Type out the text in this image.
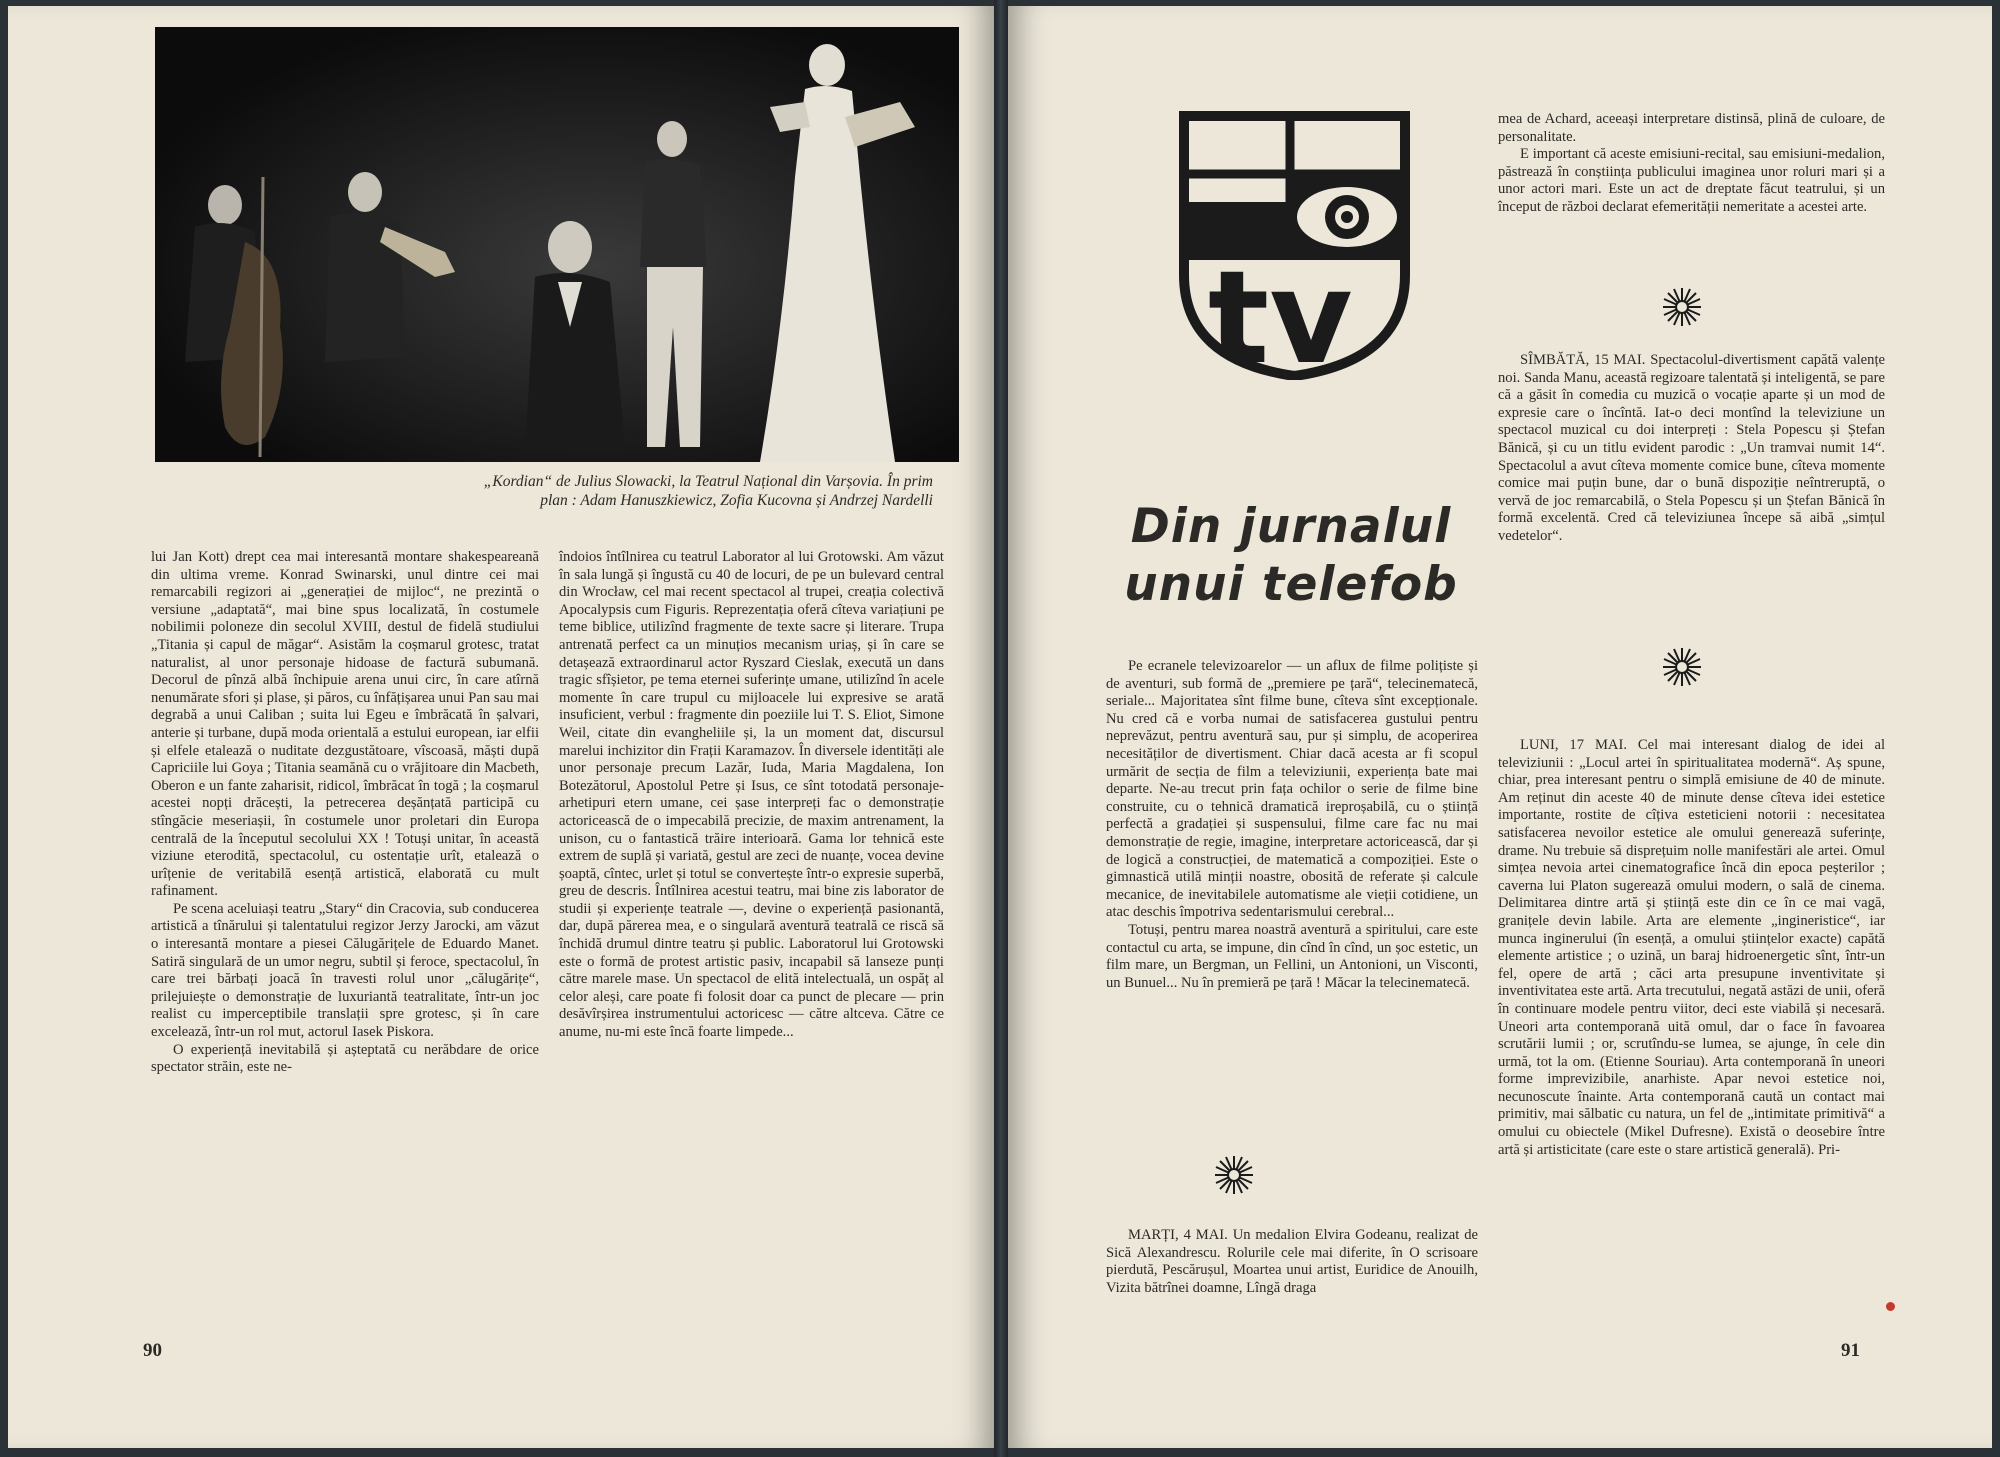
„Kordian“ de Julius Slowacki, la Teatrul Național din Varșovia. În prim
plan : Adam Hanuszkiewicz, Zofia Kucovna și Andrzej Nardelli

lui Jan Kott) drept cea mai interesantă montare shakespeareană din ultima vreme. Konrad Swinarski, unul dintre cei mai remarcabili regizori ai „generației de mijloc“, ne prezintă o versiune „adaptată“, mai bine spus localizată, în costumele nobilimii poloneze din secolul XVIII, destul de fidelă studiului „Titania și capul de măgar“. Asistăm la coșmarul grotesc, tratat naturalist, al unor personaje hidoase de factură subumană. Decorul de pînză albă închipuie arena unui circ, în care atîrnă nenumărate sfori și plase, și păros, cu înfățișarea unui Pan sau mai degrabă a unui Caliban ; suita lui Egeu e îmbrăcată în șalvari, anterie și turbane, după moda orientală a estului european, iar elfii și elfele etalează o nuditate dezgustătoare, vîscoasă, măști după Capriciile lui Goya ; Titania seamănă cu o vrăjitoare din Macbeth, Oberon e un fante zaharisit, ridicol, îmbrăcat în togă ; la coșmarul acestei nopți drăcești, la petrecerea deșănțată participă cu stîngăcie meseriașii, în costumele unor proletari din Europa centrală de la începutul secolului XX ! Totuși unitar, în această viziune eterodită, spectacolul, cu ostentație urît, etalează o urîțenie de veritabilă esență artistică, elaborată cu mult rafinament.

Pe scena aceluiași teatru „Stary“ din Cracovia, sub conducerea artistică a tînărului și talentatului regizor Jerzy Jarocki, am văzut o interesantă montare a piesei Călugărițele de Eduardo Manet. Satiră singulară de un umor negru, subtil și feroce, spectacolul, în care trei bărbați joacă în travesti rolul unor „călugărițe“, prilejuiește o demonstrație de luxuriantă teatralitate, într-un joc realist cu imperceptibile translații spre grotesc, și în care excelează, într-un rol mut, actorul Iasek Piskora.

O experiență inevitabilă și așteptată cu nerăbdare de orice spectator străin, este ne-

îndoios întîlnirea cu teatrul Laborator al lui Grotowski. Am văzut în sala lungă și îngustă cu 40 de locuri, de pe un bulevard central din Wrocław, cel mai recent spectacol al trupei, creația colectivă Apocalypsis cum Figuris. Reprezentația oferă cîteva variațiuni pe teme biblice, utilizînd fragmente de texte sacre și literare. Trupa antrenată perfect ca un minuțios mecanism uriaș, și în care se detașează extraordinarul actor Ryszard Cieslak, execută un dans tragic sfîșietor, pe tema eternei suferințe umane, utilizînd în acele momente în care trupul cu mijloacele lui expresive se arată insuficient, verbul : fragmente din poeziile lui T. S. Eliot, Simone Weil, citate din evangheliile și, la un moment dat, discursul marelui inchizitor din Frații Karamazov. În diversele identități ale unor personaje precum Lazăr, Iuda, Maria Magdalena, Ion Botezătorul, Apostolul Petre și Isus, ce sînt totodată personaje-arhetipuri etern umane, cei șase interpreți fac o demonstrație actoricească de o impecabilă precizie, de maxim antrenament, la unison, cu o fantastică trăire interioară. Gama lor tehnică este extrem de suplă și variată, gestul are zeci de nuanțe, vocea devine șoaptă, cîntec, urlet și totul se convertește într-o expresie superbă, greu de descris. Întîlnirea acestui teatru, mai bine zis laborator de studii și experiențe teatrale —, devine o experiență pasionantă, dar, după părerea mea, e o singulară aventură teatrală ce riscă să închidă drumul dintre teatru și public. Laboratorul lui Grotowski este o formă de protest artistic pasiv, incapabil să lanseze punți către marele mase. Un spectacol de elită intelectuală, un ospăț al celor aleși, care poate fi folosit doar ca punct de plecare — prin desăvîrșirea instrumentului actoricesc — către altceva. Către ce anume, nu-mi este încă foarte limpede...

90
tv
Din jurnalul
unui telefob

Pe ecranele televizoarelor — un aflux de filme polițiste și de aventuri, sub formă de „premiere pe țară“, telecinematecă, seriale... Majoritatea sînt filme bune, cîteva sînt excepționale. Nu cred că e vorba numai de satisfacerea gustului pentru neprevăzut, pentru aventură sau, pur și simplu, de acoperirea necesităților de divertisment. Chiar dacă acesta ar fi scopul urmărit de secția de film a televiziunii, experiența bate mai departe. Ne-au trecut prin fața ochilor o serie de filme bine construite, cu o tehnică dramatică ireproșabilă, cu o știință perfectă a gradației și suspensului, filme care fac nu mai demonstrație de regie, imagine, interpretare actoricească, dar și de logică a construcției, de matematică a compoziției. Este o gimnastică utilă minții noastre, obosită de referate și calcule mecanice, de inevitabilele automatisme ale vieții cotidiene, un atac deschis împotriva sedentarismului cerebral...

Totuși, pentru marea noastră aventură a spiritului, care este contactul cu arta, se impune, din cînd în cînd, un șoc estetic, un film mare, un Bergman, un Fellini, un Antonioni, un Visconti, un Bunuel... Nu în premieră pe țară ! Măcar la telecinematecă.

MARȚI, 4 MAI. Un medalion Elvira Godeanu, realizat de Sică Alexandrescu. Rolurile cele mai diferite, în O scrisoare pierdută, Pescărușul, Moartea unui artist, Euridice de Anouilh, Vizita bătrînei doamne, Lîngă draga

mea de Achard, aceeași interpretare distinsă, plină de culoare, de personalitate.

E important că aceste emisiuni-recital, sau emisiuni-medalion, păstrează în conștiința publicului imaginea unor roluri mari și a unor actori mari. Este un act de dreptate făcut teatrului, și un început de război declarat efemerității nemeritate a acestei arte.

SÎMBĂTĂ, 15 MAI. Spectacolul-divertisment capătă valențe noi. Sanda Manu, această regizoare talentată și inteligentă, se pare că a găsit în comedia cu muzică o vocație aparte și un mod de expresie care o încîntă. Iat-o deci montînd la televiziune un spectacol muzical cu doi interpreți : Stela Popescu și Ștefan Bănică, și cu un titlu evident parodic : „Un tramvai numit 14“. Spectacolul a avut cîteva momente comice bune, cîteva momente comice mai puțin bune, dar o bună dispoziție neîntreruptă, o vervă de joc remarcabilă, o Stela Popescu și un Ștefan Bănică în formă excelentă. Cred că televiziunea începe să aibă „simțul vedetelor“.

LUNI, 17 MAI. Cel mai interesant dialog de idei al televiziunii : „Locul artei în spiritualitatea modernă“. Aș spune, chiar, prea interesant pentru o simplă emisiune de 40 de minute. Am reținut din aceste 40 de minute dense cîteva idei estetice importante, rostite de cîțiva esteticieni notorii : necesitatea satisfacerea nevoilor estetice ale omului generează suferințe, drame. Nu trebuie să disprețuim nolle manifestări ale artei. Omul simțea nevoia artei cinematografice încă din epoca peșterilor ; caverna lui Platon sugerează omului modern, o sală de cinema. Delimitarea dintre artă și știință este din ce în ce mai vagă, granițele devin labile. Arta are elemente „ingineristice“, iar munca inginerului (în esență, a omului științelor exacte) capătă elemente artistice ; o uzină, un baraj hidroenergetic sînt, într-un fel, opere de artă ; căci arta presupune inventivitate și inventivitatea este artă. Arta trecutului, negată astăzi de unii, oferă în continuare modele pentru viitor, deci este viabilă și necesară. Uneori arta contemporană uită omul, dar o face în favoarea scrutării lumii ; or, scrutîndu-se lumea, se ajunge, în cele din urmă, tot la om. (Etienne Souriau). Arta contemporană în uneori forme imprevizibile, anarhiste. Apar nevoi estetice noi, necunoscute înainte. Arta contemporană caută un contact mai primitiv, mai sălbatic cu natura, un fel de „intimitate primitivă“ a omului cu obiectele (Mikel Dufresne). Există o deosebire între artă și artisticitate (care este o stare artistică generală). Pri-

91
